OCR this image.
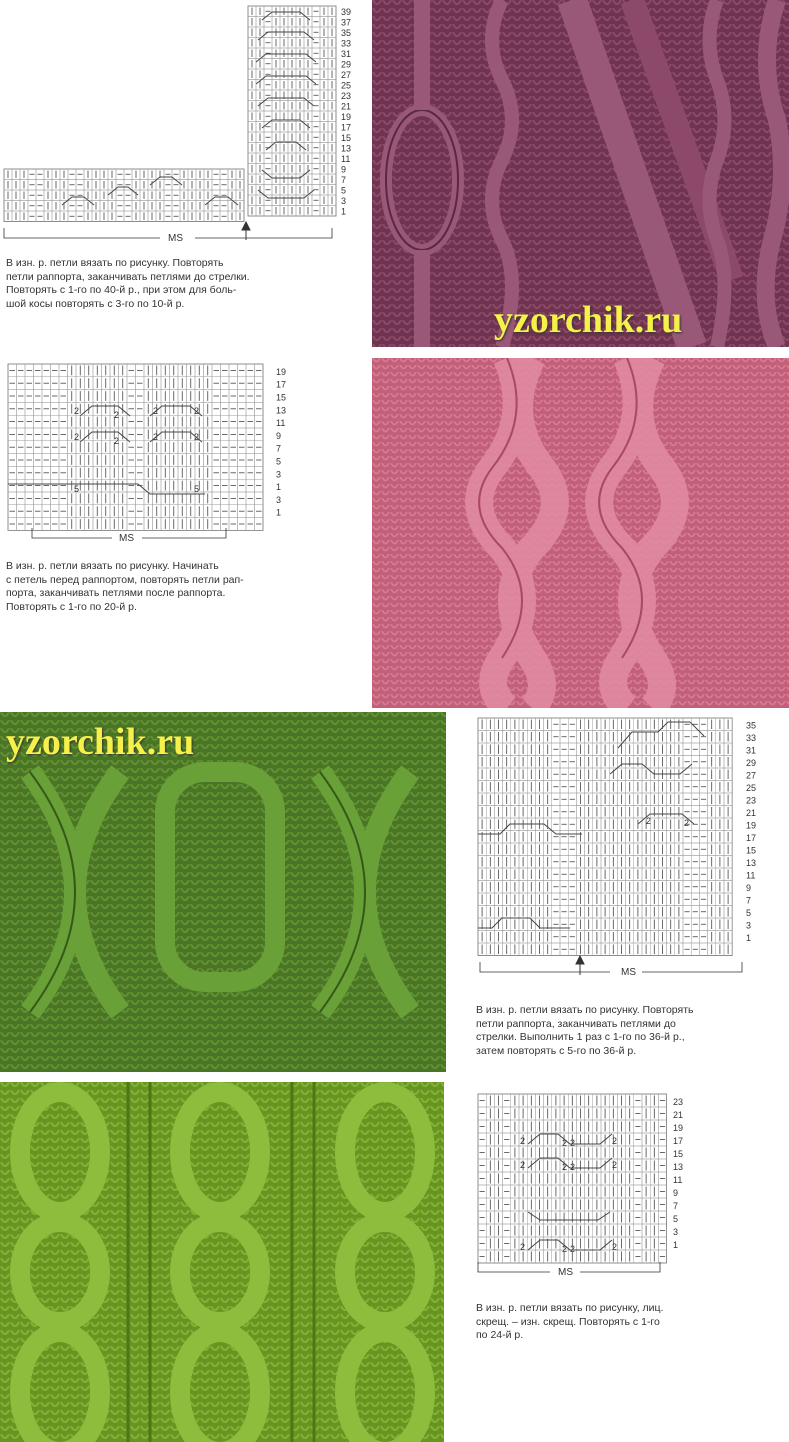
39
37
35
33
31
29
27
25
23
21
19
17
15
13
11
9
7
5
3
1
MS
В изн. р. петли вязать по рисунку. Повторять
петли раппорта, заканчивать петлями до стрелки.
Повторять с 1-го по 40-й р., при этом для боль-
шой косы повторять с 3-го по 10-й р.	yzorchik.ru
2	2	2	2
2	2	2	2
5	5
19
17
15
13
11
9
7
5
3
1
3
1
MS
В изн. р. петли вязать по рисунку. Начинать
с петель перед раппортом, повторять петли рап-
порта, заканчивать петлями после раппорта.
Повторять с 1-го по 20-й р.
yzorchik.ru
2	2
35
33
31
29
27
25
23
21
19
17
15
13
11
9
7
5
3
1
MS
В изн. р. петли вязать по рисунку. Повторять
петли раппорта, заканчивать петлями до
стрелки. Выполнить 1 раз с 1-го по 36-й р.,
затем повторять с 5-го по 36-й р.
2	2 2	2
2	2 2	2
2	2 2	2
23
21
19
17
15
13
11
9
7
5
3
1
MS
В изн. р. петли вязать по рисунку, лиц.
скрещ. – изн. скрещ. Повторять с 1-го
по 24-й р.
